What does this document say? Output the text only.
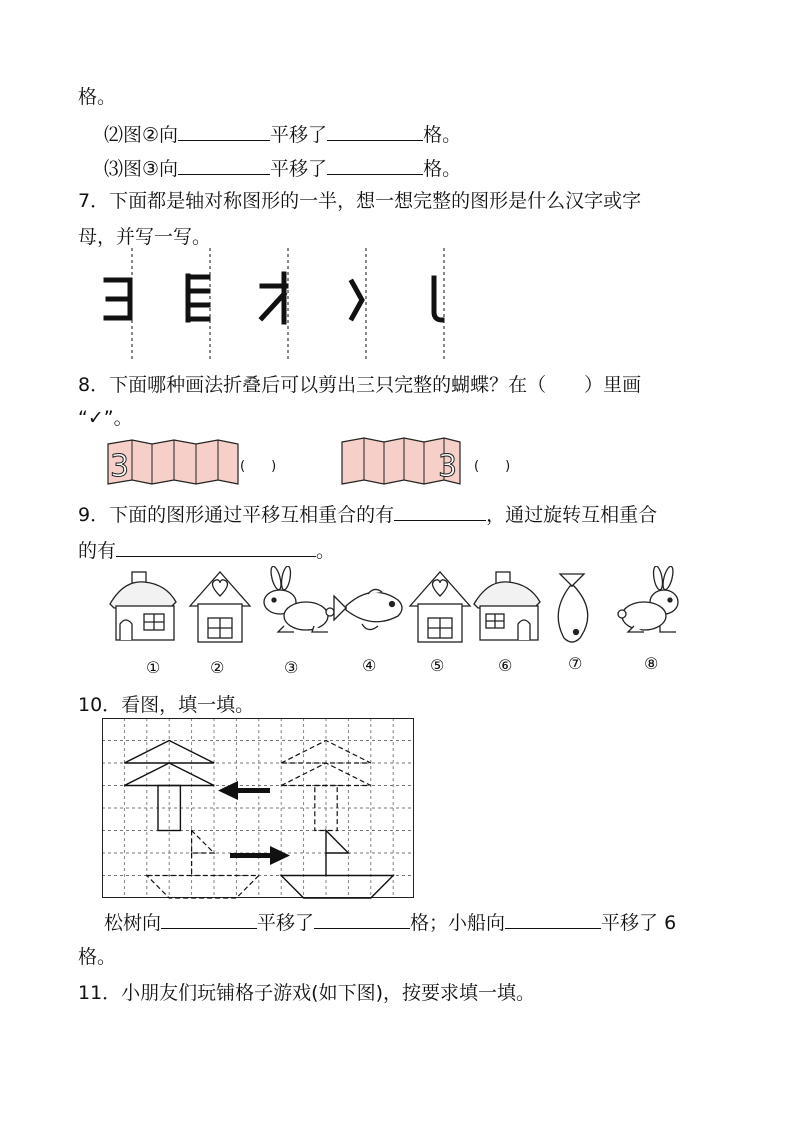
格。
⑵图②向	平移了	格。
⑶图③向	平移了	格。
7．下面都是轴对称图形的一半，想一想完整的图形是什么汉字或字
母，并写一写。
8．下面哪种画法折叠后可以剪出三只完整的蝴蝶？在（　　）里画
“✓”。
3	(　　)	3 (　　)
9．下面的图形通过平移互相重合的有	，通过旋转互相重合
的有	。
①	②	③	④	⑤	⑥	⑦	⑧
10．看图，填一填。
松树向	平移了	格；小船向	平移了 6
格。
11．小朋友们玩铺格子游戏(如下图)，按要求填一填。
